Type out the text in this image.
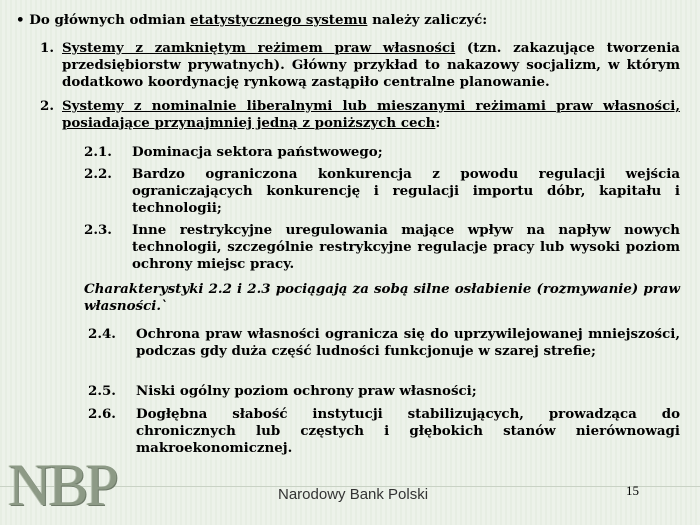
• Do głównych odmian etatystycznego systemu należy zaliczyć:
1. Systemy z zamkniętym reżimem praw własności (tzn. zakazujące tworzenia przedsiębiorstw prywatnych). Główny przykład to nakazowy socjalizm, w którym dodatkowo koordynację rynkową zastąpiło centralne planowanie.
2. Systemy z nominalnie liberalnymi lub mieszanymi reżimami praw własności, posiadające przynajmniej jedną z poniższych cech:
2.1. Dominacja sektora państwowego;
2.2. Bardzo ograniczona konkurencja z powodu regulacji wejścia ograniczających konkurencję i regulacji importu dóbr, kapitału i technologii;
2.3. Inne restrykcyjne uregulowania mające wpływ na napływ nowych technologii, szczególnie restrykcyjne regulacje pracy lub wysoki poziom ochrony miejsc pracy.
Charakterystyki 2.2 i 2.3 pociągają za sobą silne osłabienie (rozmywanie) praw własności.`
2.4. Ochrona praw własności ogranicza się do uprzywilejowanej mniejszości, podczas gdy duża część ludności funkcjonuje w szarej strefie;
2.5. Niski ogólny poziom ochrony praw własności;
2.6. Dogłębna słabość instytucji stabilizujących, prowadząca do chronicznych lub częstych i głębokich stanów nierównowagi makroekonomicznej.
NBP	Narodowy Bank Polski	15
